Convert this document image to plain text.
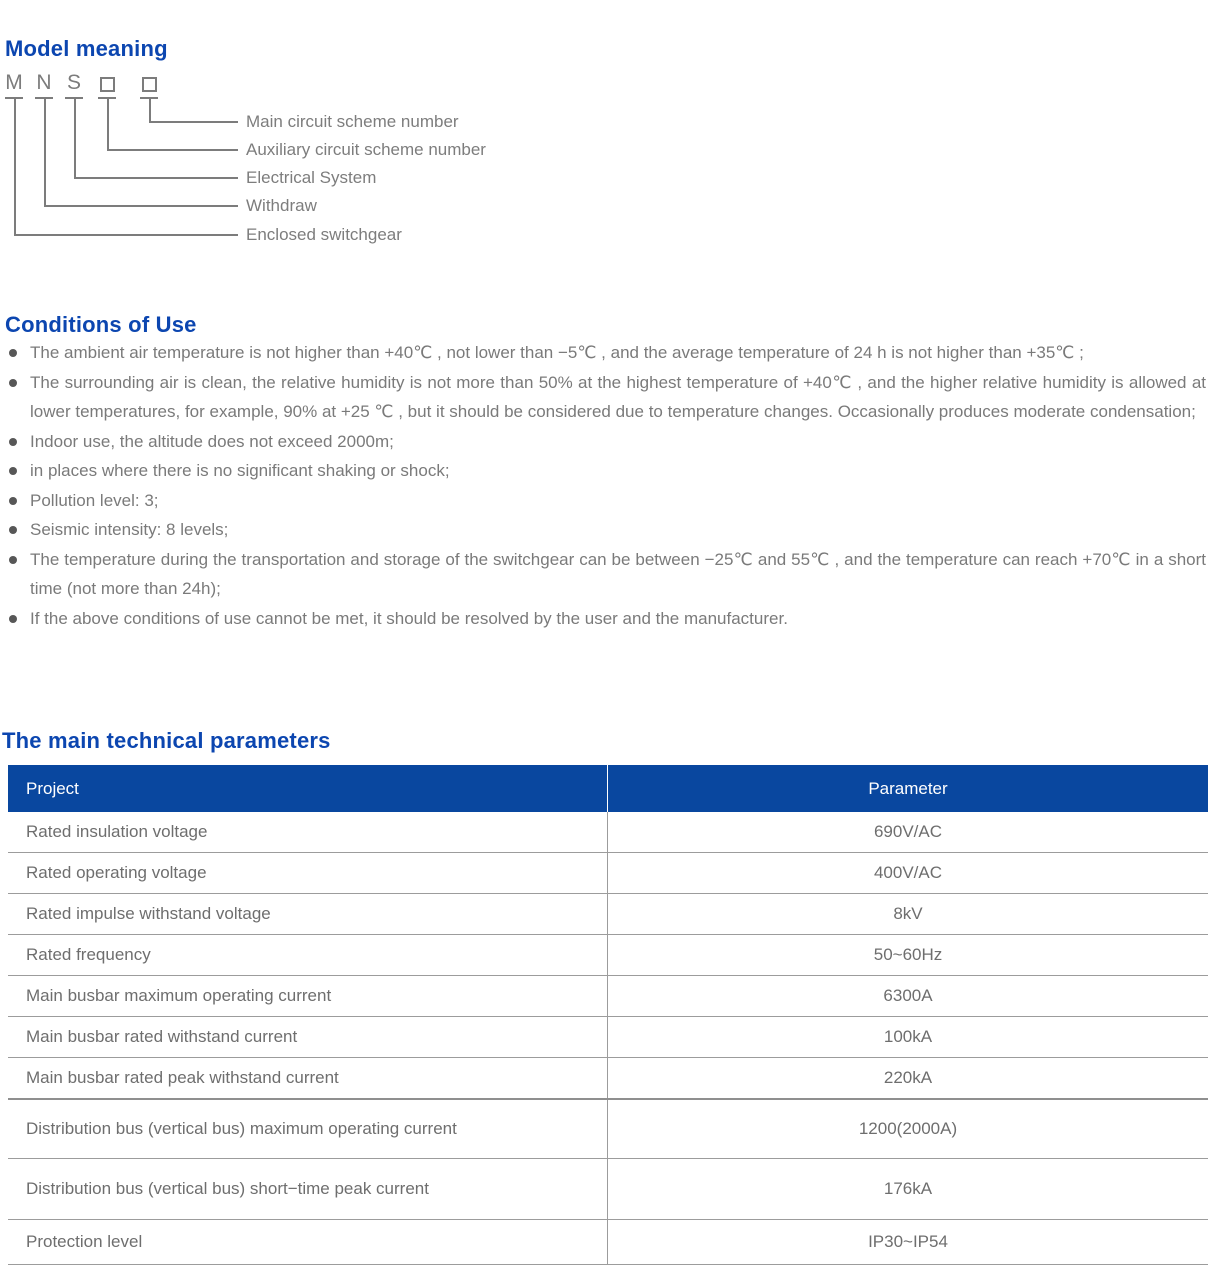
Model meaning
M N S
Main circuit scheme number
Auxiliary circuit scheme number
Electrical System
Withdraw
Enclosed switchgear
Conditions of Use
The ambient air temperature is not higher than +40℃ , not lower than −5℃ , and the average temperature of 24 h is not higher than +35℃ ;
The surrounding air is clean, the relative humidity is not more than 50% at the highest temperature of +40℃ , and the higher relative humidity is allowed at lower temperatures, for example, 90% at +25 ℃ , but it should be considered due to temperature changes. Occasionally produces moderate condensation;
Indoor use, the altitude does not exceed 2000m;
in places where there is no significant shaking or shock;
Pollution level: 3;
Seismic intensity: 8 levels;
The temperature during the transportation and storage of the switchgear can be between −25℃ and 55℃ , and the temperature can reach +70℃ in a short time (not more than 24h);
If the above conditions of use cannot be met, it should be resolved by the user and the manufacturer.
The main technical parameters
Project	Parameter
Rated insulation voltage	690V/AC
Rated operating voltage	400V/AC
Rated impulse withstand voltage	8kV
Rated frequency	50~60Hz
Main busbar maximum operating current	6300A
Main busbar rated withstand current	100kA
Main busbar rated peak withstand current	220kA
Distribution bus (vertical bus) maximum operating current	1200(2000A)
Distribution bus (vertical bus) short−time peak current	176kA
Protection level	IP30~IP54
